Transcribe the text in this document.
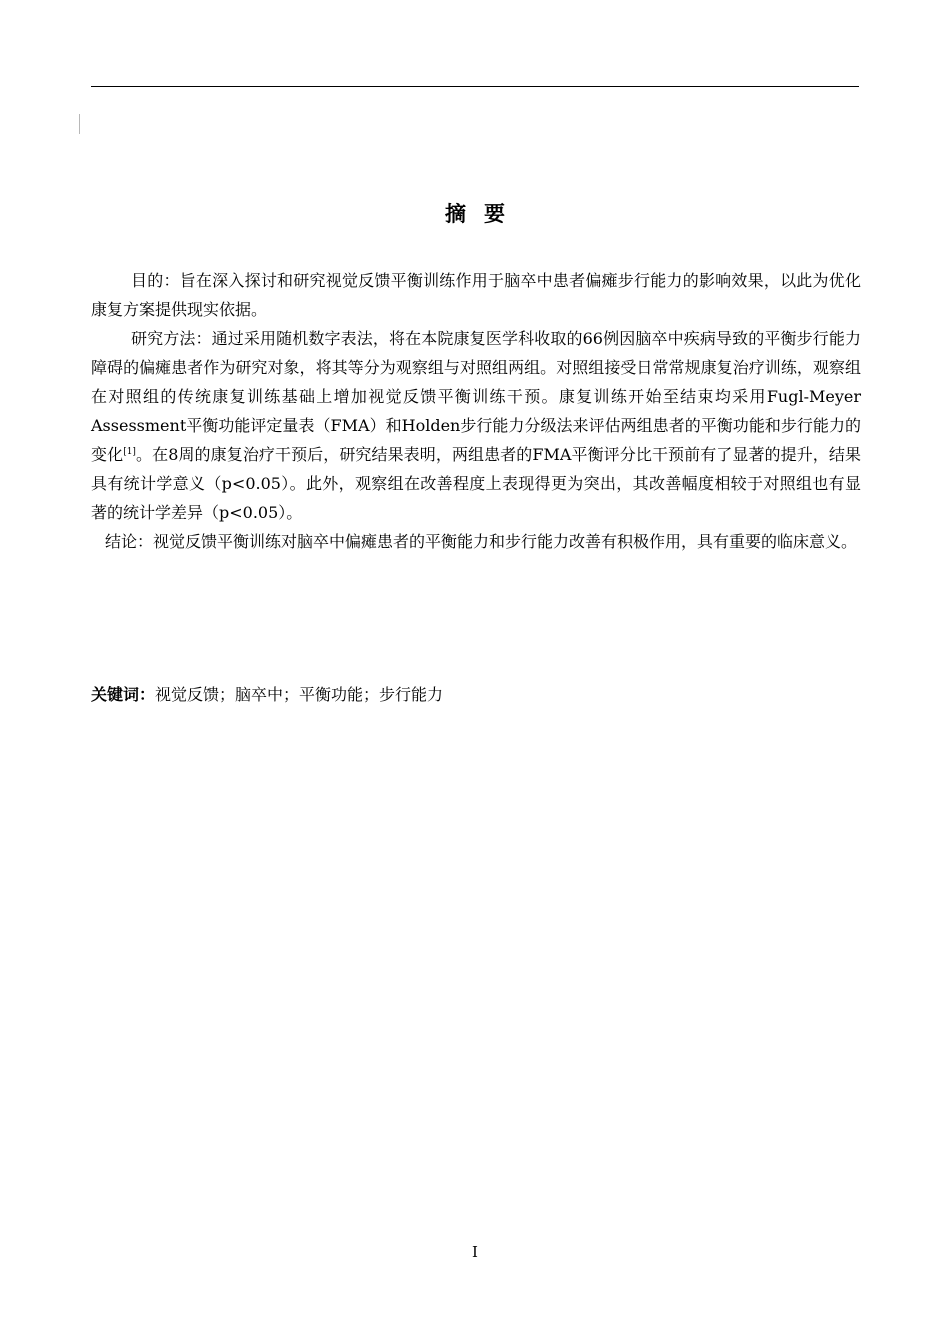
摘要

目的：旨在深入探讨和研究视觉反馈平衡训练作用于脑卒中患者偏瘫步行能力的影响效果，以此为优化康复方案提供现实依据。

研究方法：通过采用随机数字表法，将在本院康复医学科收取的66例因脑卒中疾病导致的平衡步行能力障碍的偏瘫患者作为研究对象，将其等分为观察组与对照组两组。对照组接受日常常规康复治疗训练，观察组在对照组的传统康复训练基础上增加视觉反馈平衡训练干预。康复训练开始至结束均采用Fugl-Meyer Assessment平衡功能评定量表（FMA）和Holden步行能力分级法来评估两组患者的平衡功能和步行能力的变化[1]。在8周的康复治疗干预后，研究结果表明，两组患者的FMA平衡评分比干预前有了显著的提升，结果具有统计学意义（p<0.05）。此外，观察组在改善程度上表现得更为突出，其改善幅度相较于对照组也有显著的统计学差异（p<0.05）。

结论：视觉反馈平衡训练对脑卒中偏瘫患者的平衡能力和步行能力改善有积极作用，具有重要的临床意义。

关键词：视觉反馈；脑卒中；平衡功能；步行能力
I
